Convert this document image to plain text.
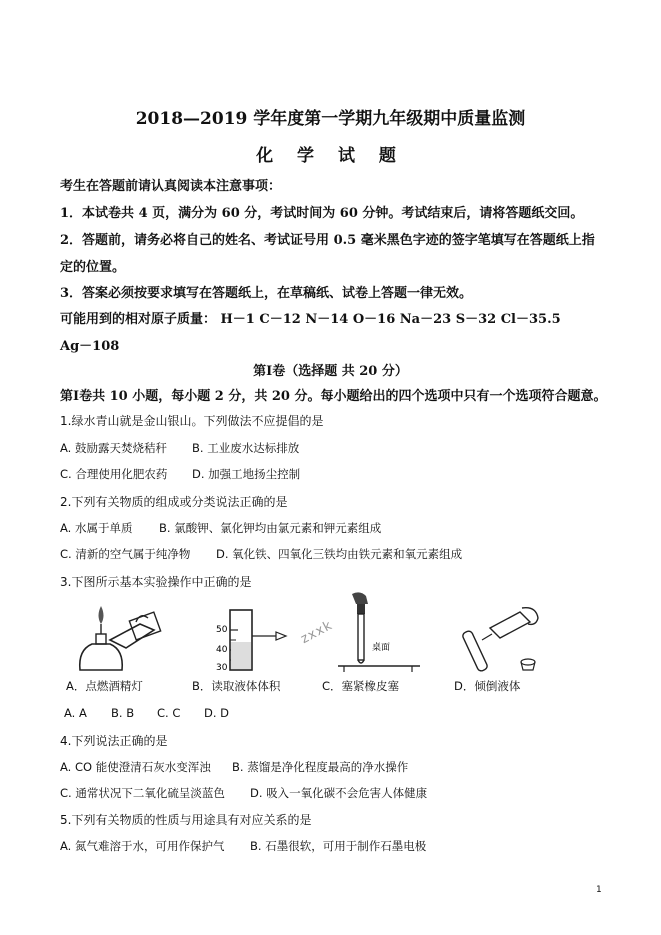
2018—2019 学年度第一学期九年级期中质量监测
化 学 试 题
考生在答题前请认真阅读本注意事项：
1．本试卷共 4 页，满分为 60 分，考试时间为 60 分钟。考试结束后，请将答题纸交回。
2．答题前，请务必将自己的姓名、考试证号用 0.5 毫米黑色字迹的签字笔填写在答题纸上指
定的位置。
3．答案必须按要求填写在答题纸上，在草稿纸、试卷上答题一律无效。
可能用到的相对原子质量： H－1 C－12 N－14 O－16 Na－23 S－32 Cl－35.5
Ag－108
第Ⅰ卷（选择题 共 20 分）
第Ⅰ卷共 10 小题，每小题 2 分，共 20 分。每小题给出的四个选项中只有一个选项符合题意。
1.绿水青山就是金山银山。下列做法不应提倡的是
A. 鼓励露天焚烧秸秆 B. 工业废水达标排放
C. 合理使用化肥农药 D. 加强工地扬尘控制
2.下列有关物质的组成或分类说法正确的是
A. 水属于单质 B. 氯酸钾、氯化钾均由氯元素和钾元素组成
C. 清新的空气属于纯净物 D. 氧化铁、四氧化三铁均由铁元素和氧元素组成
3.下图所示基本实验操作中正确的是
A．点燃酒精灯
50
40
30
B．读取液体体积
桌面
C．塞紧橡皮塞	D．倾倒液体
zxxk
A. A B. B C. C D. D
4.下列说法正确的是
A. CO 能使澄清石灰水变浑浊 B. 蒸馏是净化程度最高的净水操作
C. 通常状况下二氧化硫呈淡蓝色 D. 吸入一氧化碳不会危害人体健康
5.下列有关物质的性质与用途具有对应关系的是
A. 氮气难溶于水，可用作保护气 B. 石墨很软，可用于制作石墨电极
1
